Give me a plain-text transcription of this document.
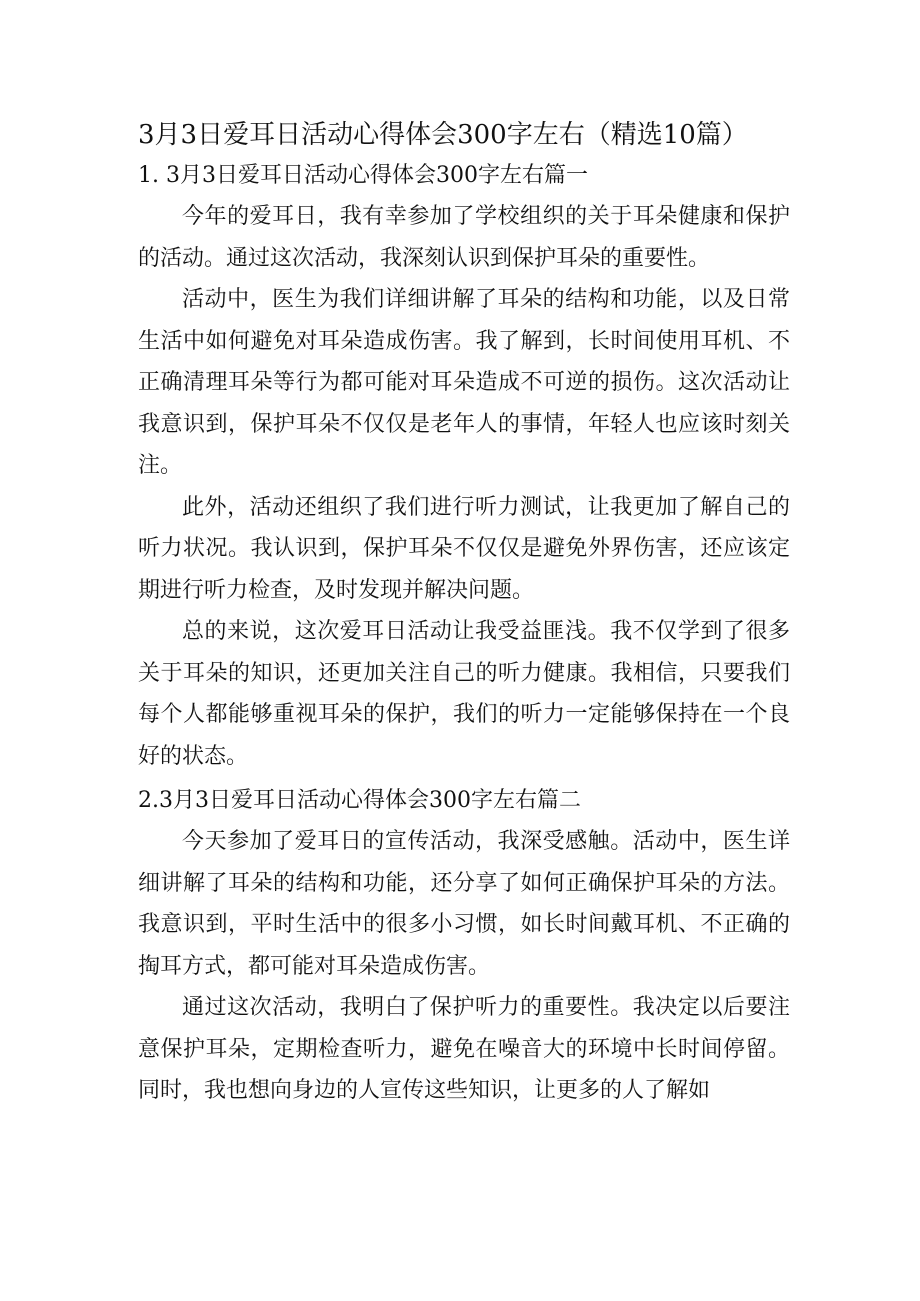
3月3日爱耳日活动心得体会300字左右（精选10篇）
1. 3月3日爱耳日活动心得体会300字左右篇一

今年的爱耳日，我有幸参加了学校组织的关于耳朵健康和保护的活动。通过这次活动，我深刻认识到保护耳朵的重要性。

活动中，医生为我们详细讲解了耳朵的结构和功能，以及日常生活中如何避免对耳朵造成伤害。我了解到，长时间使用耳机、不正确清理耳朵等行为都可能对耳朵造成不可逆的损伤。这次活动让我意识到，保护耳朵不仅仅是老年人的事情，年轻人也应该时刻关注。

此外，活动还组织了我们进行听力测试，让我更加了解自己的听力状况。我认识到，保护耳朵不仅仅是避免外界伤害，还应该定期进行听力检查，及时发现并解决问题。

总的来说，这次爱耳日活动让我受益匪浅。我不仅学到了很多关于耳朵的知识，还更加关注自己的听力健康。我相信，只要我们每个人都能够重视耳朵的保护，我们的听力一定能够保持在一个良好的状态。

2.3月3日爱耳日活动心得体会300字左右篇二

今天参加了爱耳日的宣传活动，我深受感触。活动中，医生详细讲解了耳朵的结构和功能，还分享了如何正确保护耳朵的方法。我意识到，平时生活中的很多小习惯，如长时间戴耳机、不正确的掏耳方式，都可能对耳朵造成伤害。

通过这次活动，我明白了保护听力的重要性。我决定以后要注意保护耳朵，定期检查听力，避免在噪音大的环境中长时间停留。同时，我也想向身边的人宣传这些知识，让更多的人了解如
